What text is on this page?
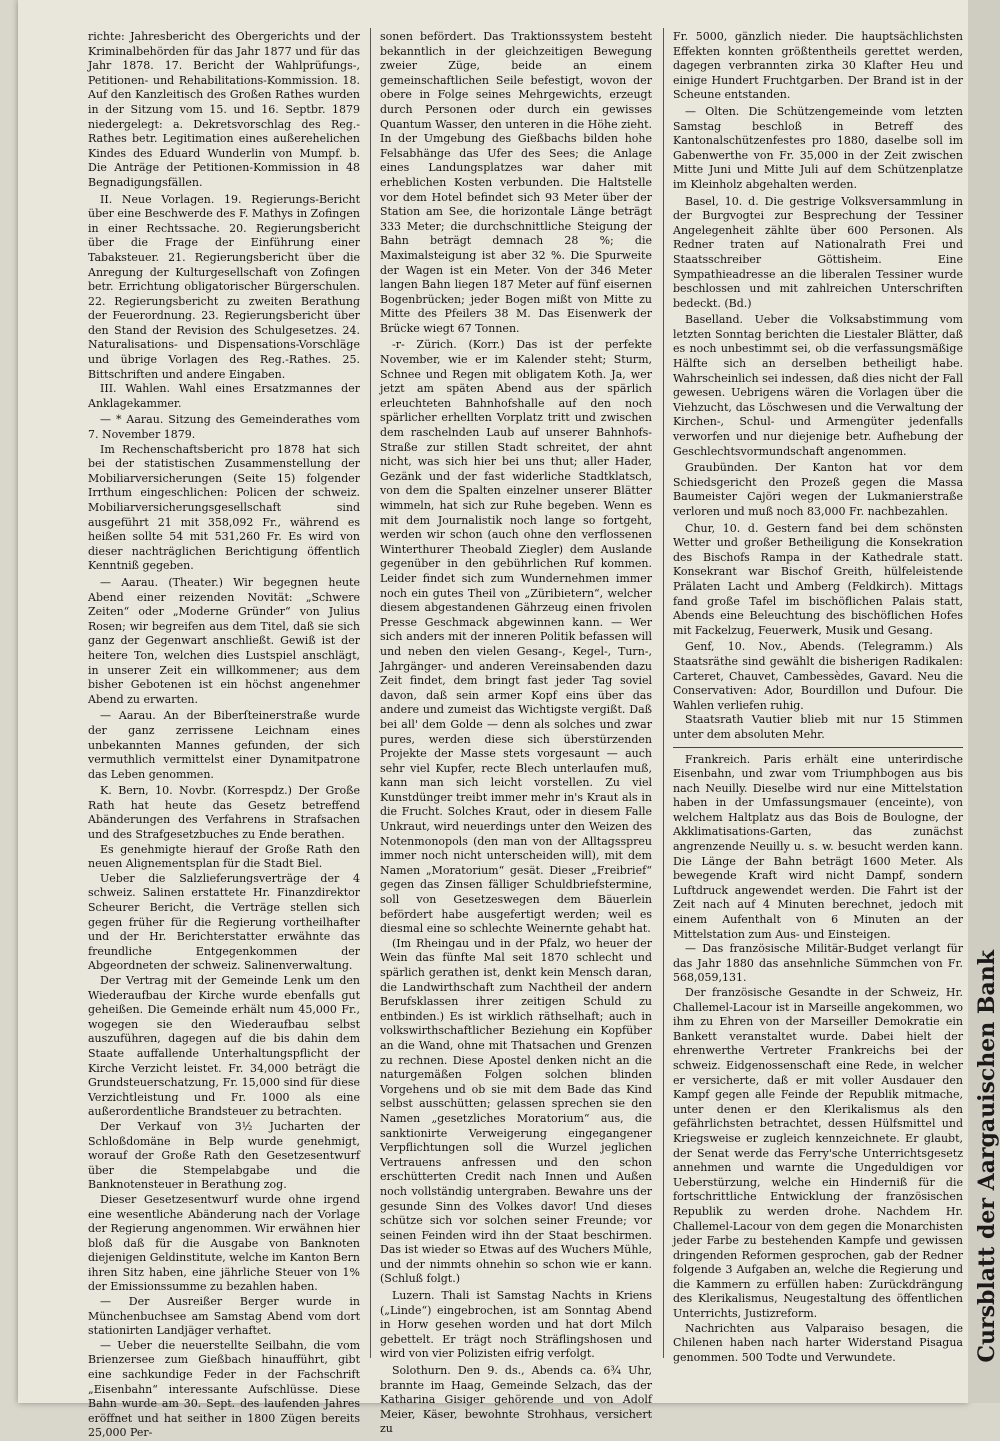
richte: Jahresbericht des Obergerichts und der Kriminalbehörden für das Jahr 1877 und für das Jahr 1878. 17. Bericht der Wahlprüfungs-, Petitionen- und Rehabilitations-Kommission. 18. Auf den Kanzleitisch des Großen Rathes wurden in der Sitzung vom 15. und 16. Septbr. 1879 niedergelegt: a. Dekretsvorschlag des Reg.-Rathes betr. Legitimation eines außerehelichen Kindes des Eduard Wunderlin von Mumpf. b. Die Anträge der Petitionen-Kommission in 48 Begnadigungsfällen.

II. Neue Vorlagen. 19. Regierungs-Bericht über eine Beschwerde des F. Mathys in Zofingen in einer Rechtssache. 20. Regierungsbericht über die Frage der Einführung einer Tabaksteuer. 21. Regierungsbericht über die Anregung der Kulturgesellschaft von Zofingen betr. Errichtung obligatorischer Bürgerschulen. 22. Regierungsbericht zu zweiten Berathung der Feuerordnung. 23. Regierungsbericht über den Stand der Revision des Schulgesetzes. 24. Naturalisations- und Dispensations-Vorschläge und übrige Vorlagen des Reg.-Rathes. 25. Bittschriften und andere Eingaben.

III. Wahlen. Wahl eines Ersatzmannes der Anklagekammer.

— * Aarau. Sitzung des Gemeinderathes vom 7. November 1879.

Im Rechenschaftsbericht pro 1878 hat sich bei der statistischen Zusammenstellung der Mobiliarversicherungen (Seite 15) folgender Irrthum eingeschlichen: Policen der schweiz. Mobiliarversicherungsgesellschaft sind ausgeführt 21 mit 358,092 Fr., während es heißen sollte 54 mit 531,260 Fr. Es wird von dieser nachträglichen Berichtigung öffentlich Kenntniß gegeben.

— Aarau. (Theater.) Wir begegnen heute Abend einer reizenden Novität: „Schwere Zeiten“ oder „Moderne Gründer“ von Julius Rosen; wir begreifen aus dem Titel, daß sie sich ganz der Gegenwart anschließt. Gewiß ist der heitere Ton, welchen dies Lustspiel anschlägt, in unserer Zeit ein willkommener; aus dem bisher Gebotenen ist ein höchst angenehmer Abend zu erwarten.

— Aarau. An der Biberſteinerstraße wurde der ganz zerrissene Leichnam eines unbekannten Mannes gefunden, der sich vermuthlich vermittelst einer Dynamitpatrone das Leben genommen.

K. Bern, 10. Novbr. (Korrespdz.) Der Große Rath hat heute das Gesetz betreffend Abänderungen des Verfahrens in Strafsachen und des Strafgesetzbuches zu Ende berathen.

Es genehmigte hierauf der Große Rath den neuen Alignementsplan für die Stadt Biel.

Ueber die Salzlieferungsverträge der 4 schweiz. Salinen erstattete Hr. Finanzdirektor Scheurer Bericht, die Verträge stellen sich gegen früher für die Regierung vortheilhafter und der Hr. Berichterstatter erwähnte das freundliche Entgegenkommen der Abgeordneten der schweiz. Salinenverwaltung.

Der Vertrag mit der Gemeinde Lenk um den Wiederaufbau der Kirche wurde ebenfalls gut geheißen. Die Gemeinde erhält num 45,000 Fr., wogegen sie den Wiederaufbau selbst auszuführen, dagegen auf die bis dahin dem Staate auffallende Unterhaltungspflicht der Kirche Verzicht leistet. Fr. 34,000 beträgt die Grundsteuerschatzung, Fr. 15,000 sind für diese Verzichtleistung und Fr. 1000 als eine außerordentliche Brandsteuer zu betrachten.

Der Verkauf von 3½ Jucharten der Schloßdomäne in Belp wurde genehmigt, worauf der Große Rath den Gesetzesentwurf über die Stempelabgabe und die Banknotensteuer in Berathung zog.

Dieser Gesetzesentwurf wurde ohne irgend eine wesentliche Abänderung nach der Vorlage der Regierung angenommen. Wir erwähnen hier bloß daß für die Ausgabe von Banknoten diejenigen Geldinstitute, welche im Kanton Bern ihren Sitz haben, eine jährliche Steuer von 1% der Emissionssumme zu bezahlen haben.

— Der Ausreißer Berger wurde in Münchenbuchsee am Samstag Abend vom dort stationirten Landjäger verhaftet.

— Ueber die neuerstellte Seilbahn, die vom Brienzersee zum Gießbach hinaufführt, gibt eine sachkundige Feder in der Fachschrift „Eisenbahn“ interessante Aufschlüsse. Diese Bahn wurde am 30. Sept. des laufenden Jahres eröffnet und hat seither in 1800 Zügen bereits 25,000 Per-

sonen befördert. Das Traktionssystem besteht bekanntlich in der gleichzeitigen Bewegung zweier Züge, beide an einem gemeinschaftlichen Seile befestigt, wovon der obere in Folge seines Mehrgewichts, erzeugt durch Personen oder durch ein gewisses Quantum Wasser, den unteren in die Höhe zieht. In der Umgebung des Gießbachs bilden hohe Felsabhänge das Ufer des Sees; die Anlage eines Landungsplatzes war daher mit erheblichen Kosten verbunden. Die Haltstelle vor dem Hotel befindet sich 93 Meter über der Station am See, die horizontale Länge beträgt 333 Meter; die durchschnittliche Steigung der Bahn beträgt demnach 28 %; die Maximalsteigung ist aber 32 %. Die Spurweite der Wagen ist ein Meter. Von der 346 Meter langen Bahn liegen 187 Meter auf fünf eisernen Bogenbrücken; jeder Bogen mißt von Mitte zu Mitte des Pfeilers 38 M. Das Eisenwerk der Brücke wiegt 67 Tonnen.

-r- Zürich. (Korr.) Das ist der perfekte November, wie er im Kalender steht; Sturm, Schnee und Regen mit obligatem Koth. Ja, wer jetzt am späten Abend aus der spärlich erleuchteten Bahnhofshalle auf den noch spärlicher erhellten Vorplatz tritt und zwischen dem raschelnden Laub auf unserer Bahnhofs-Straße zur stillen Stadt schreitet, der ahnt nicht, was sich hier bei uns thut; aller Hader, Gezänk und der fast widerliche Stadtklatsch, von dem die Spalten einzelner unserer Blätter wimmeln, hat sich zur Ruhe begeben. Wenn es mit dem Journalistik noch lange so fortgeht, werden wir schon (auch ohne den verflossenen Winterthurer Theobald Ziegler) dem Auslande gegenüber in den gebührlichen Ruf kommen. Leider findet sich zum Wundernehmen immer noch ein gutes Theil von „Züribietern“, welcher diesem abgestandenen Gährzeug einen frivolen Presse Geschmack abgewinnen kann. — Wer sich anders mit der inneren Politik befassen will und neben den vielen Gesang-, Kegel-, Turn-, Jahrgänger- und anderen Vereinsabenden dazu Zeit findet, dem bringt fast jeder Tag soviel davon, daß sein armer Kopf eins über das andere und zumeist das Wichtigste vergißt. Daß bei all' dem Golde — denn als solches und zwar pures, werden diese sich überstürzenden Projekte der Masse stets vorgesaunt — auch sehr viel Kupfer, recte Blech unterlaufen muß, kann man sich leicht vorstellen. Zu viel Kunstdünger treibt immer mehr in's Kraut als in die Frucht. Solches Kraut, oder in diesem Falle Unkraut, wird neuerdings unter den Weizen des Notenmonopols (den man von der Alltagsspreu immer noch nicht unterscheiden will), mit dem Namen „Moratorium“ gesät. Dieser „Freibrief“ gegen das Zinsen fälliger Schuldbriefstermine, soll von Gesetzeswegen dem Bäuerlein befördert habe ausgefertigt werden; weil es diesmal eine so schlechte Weinernte gehabt hat.

(Im Rheingau und in der Pfalz, wo heuer der Wein das fünfte Mal seit 1870 schlecht und spärlich gerathen ist, denkt kein Mensch daran, die Landwirthschaft zum Nachtheil der andern Berufsklassen ihrer zeitigen Schuld zu entbinden.) Es ist wirklich räthselhaft; auch in volkswirthschaftlicher Beziehung ein Kopfüber an die Wand, ohne mit Thatsachen und Grenzen zu rechnen. Diese Apostel denken nicht an die naturgemäßen Folgen solchen blinden Vorgehens und ob sie mit dem Bade das Kind selbst ausschütten; gelassen sprechen sie den Namen „gesetzliches Moratorium“ aus, die sanktionirte Verweigerung eingegangener Verpflichtungen soll die Wurzel jeglichen Vertrauens anfressen und den schon erschütterten Credit nach Innen und Außen noch vollständig untergraben. Bewahre uns der gesunde Sinn des Volkes davor! Und dieses schütze sich vor solchen seiner Freunde; vor seinen Feinden wird ihn der Staat beschirmen. Das ist wieder so Etwas auf des Wuchers Mühle, und der nimmts ohnehin so schon wie er kann. (Schluß folgt.)

Luzern. Thali ist Samstag Nachts in Kriens („Linde“) eingebrochen, ist am Sonntag Abend in Horw gesehen worden und hat dort Milch gebettelt. Er trägt noch Sträflingshosen und wird von vier Polizisten eifrig verfolgt.

Solothurn. Den 9. ds., Abends ca. 6¾ Uhr, brannte im Haag, Gemeinde Selzach, das der Katharina Gisiger gehörende und von Adolf Meier, Käser, bewohnte Strohhaus, versichert zu

Fr. 5000, gänzlich nieder. Die hauptsächlichsten Effekten konnten größtentheils gerettet werden, dagegen verbrannten zirka 30 Klafter Heu und einige Hundert Fruchtgarben. Der Brand ist in der Scheune entstanden.

— Olten. Die Schützengemeinde vom letzten Samstag beschloß in Betreff des Kantonalschützenfestes pro 1880, daselbe soll im Gabenwerthe von Fr. 35,000 in der Zeit zwischen Mitte Juni und Mitte Juli auf dem Schützenplatze im Kleinholz abgehalten werden.

Basel, 10. d. Die gestrige Volksversammlung in der Burgvogtei zur Besprechung der Tessiner Angelegenheit zählte über 600 Personen. Als Redner traten auf Nationalrath Frei und Staatsschreiber Göttisheim. Eine Sympathieadresse an die liberalen Tessiner wurde beschlossen und mit zahlreichen Unterschriften bedeckt. (Bd.)

Baselland. Ueber die Volksabstimmung vom letzten Sonntag berichten die Liestaler Blätter, daß es noch unbestimmt sei, ob die verfassungsmäßige Hälfte sich an derselben betheiligt habe. Wahrscheinlich sei indessen, daß dies nicht der Fall gewesen. Uebrigens wären die Vorlagen über die Viehzucht, das Löschwesen und die Verwaltung der Kirchen-, Schul- und Armengüter jedenfalls verworfen und nur diejenige betr. Aufhebung der Geschlechtsvormundschaft angenommen.

Graubünden. Der Kanton hat vor dem Schiedsgericht den Prozeß gegen die Massa Baumeister Cajöri wegen der Lukmanierstraße verloren und muß noch 83,000 Fr. nachbezahlen.

Chur, 10. d. Gestern fand bei dem schönsten Wetter und großer Betheiligung die Konsekration des Bischofs Rampa in der Kathedrale statt. Konsekrant war Bischof Greith, hülfeleistende Prälaten Lacht und Amberg (Feldkirch). Mittags fand große Tafel im bischöflichen Palais statt, Abends eine Beleuchtung des bischöflichen Hofes mit Fackelzug, Feuerwerk, Musik und Gesang.

Genf, 10. Nov., Abends. (Telegramm.) Als Staatsräthe sind gewählt die bisherigen Radikalen: Carteret, Chauvet, Cambessèdes, Gavard. Neu die Conservativen: Ador, Bourdillon und Dufour. Die Wahlen verliefen ruhig.

Staatsrath Vautier blieb mit nur 15 Stimmen unter dem absoluten Mehr.

Frankreich. Paris erhält eine unterirdische Eisenbahn, und zwar vom Triumphbogen aus bis nach Neuilly. Dieselbe wird nur eine Mittelstation haben in der Umfassungsmauer (enceinte), von welchem Haltplatz aus das Bois de Boulogne, der Akklimatisations-Garten, das zunächst angrenzende Neuilly u. s. w. besucht werden kann. Die Länge der Bahn beträgt 1600 Meter. Als bewegende Kraft wird nicht Dampf, sondern Luftdruck angewendet werden. Die Fahrt ist der Zeit nach auf 4 Minuten berechnet, jedoch mit einem Aufenthalt von 6 Minuten an der Mittelstation zum Aus- und Einsteigen.

— Das französische Militär-Budget verlangt für das Jahr 1880 das ansehnliche Sümmchen von Fr. 568,059,131.

Der französische Gesandte in der Schweiz, Hr. Challemel-Lacour ist in Marseille angekommen, wo ihm zu Ehren von der Marseiller Demokratie ein Bankett veranstaltet wurde. Dabei hielt der ehrenwerthe Vertreter Frankreichs bei der schweiz. Eidgenossenschaft eine Rede, in welcher er versicherte, daß er mit voller Ausdauer den Kampf gegen alle Feinde der Republik mitmache, unter denen er den Klerikalismus als den gefährlichsten betrachtet, dessen Hülfsmittel und Kriegsweise er zugleich kennzeichnete. Er glaubt, der Senat werde das Ferry'sche Unterrichtsgesetz annehmen und warnte die Ungeduldigen vor Ueberstürzung, welche ein Hinderniß für die fortschrittliche Entwicklung der französischen Republik zu werden drohe. Nachdem Hr. Challemel-Lacour von dem gegen die Monarchisten jeder Farbe zu bestehenden Kampfe und gewissen dringenden Reformen gesprochen, gab der Redner folgende 3 Aufgaben an, welche die Regierung und die Kammern zu erfüllen haben: Zurückdrängung des Klerikalismus, Neugestaltung des öffentlichen Unterrichts, Justizreform.

Nachrichten aus Valparaiso besagen, die Chilenen haben nach harter Widerstand Pisagua genommen. 500 Todte und Verwundete.	Cursblatt der Aargauischen Bank
